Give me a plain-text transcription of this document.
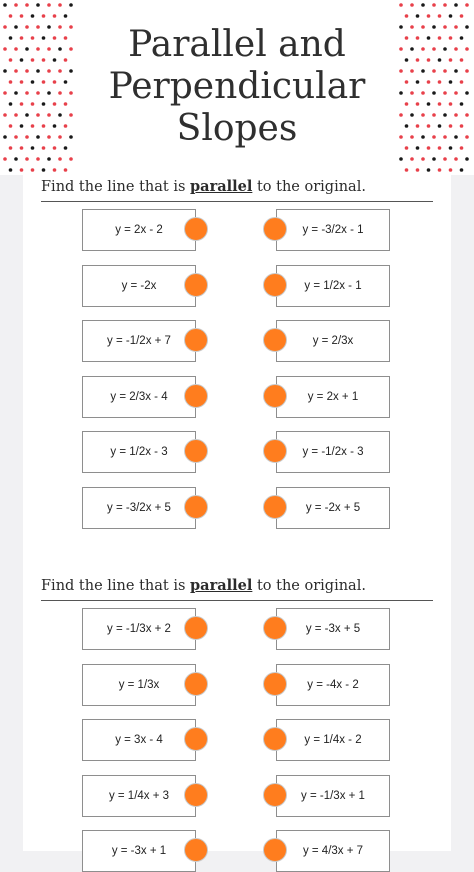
Parallel and Perpendicular Slopes
Find the line that is parallel to the original.
y = 2x - 2	y = -3/2x - 1
y = -2x	y = 1/2x - 1
y = -1/2x + 7	y = 2/3x
y = 2/3x - 4	y = 2x + 1
y = 1/2x - 3	y = -1/2x - 3
y = -3/2x + 5	y = -2x + 5
Find the line that is parallel to the original.
y = -1/3x + 2	y = -3x + 5
y = 1/3x	y = -4x - 2
y = 3x - 4	y = 1/4x - 2
y = 1/4x + 3	y = -1/3x + 1
y = -3x + 1	y = 4/3x + 7
